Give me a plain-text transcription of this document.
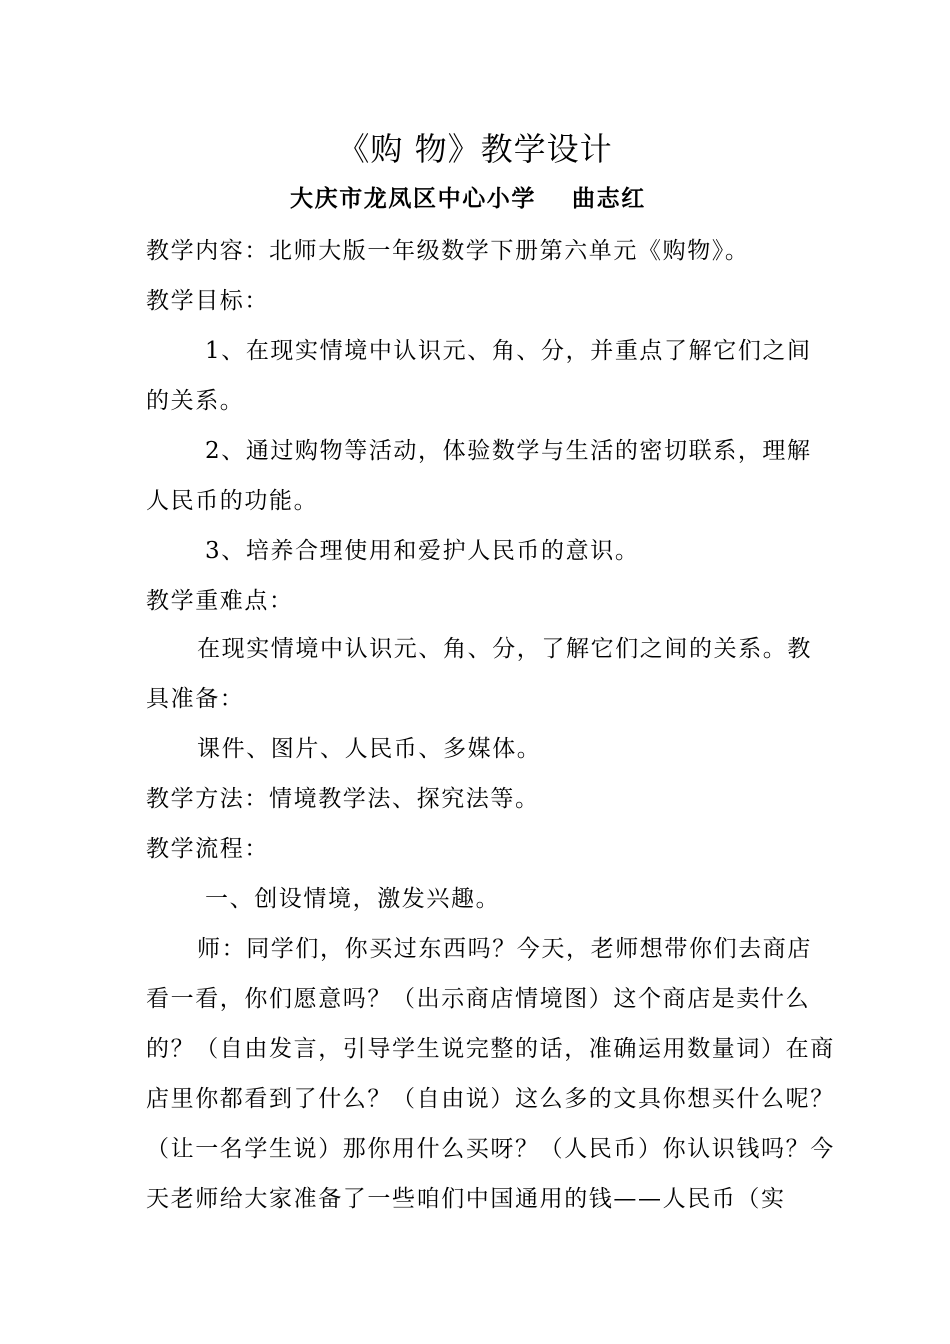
《购 物》教学设计
大庆市龙凤区中心小学 曲志红
教学内容：北师大版一年级数学下册第六单元《购物》。
教学目标：
1、在现实情境中认识元、角、分，并重点了解它们之间
的关系。
2、通过购物等活动，体验数学与生活的密切联系，理解
人民币的功能。
3、培养合理使用和爱护人民币的意识。
教学重难点：
在现实情境中认识元、角、分，了解它们之间的关系。教
具准备：
课件、图片、人民币、多媒体。
教学方法：情境教学法、探究法等。
教学流程：
一、创设情境，激发兴趣。
师：同学们，你买过东西吗？今天，老师想带你们去商店
看一看，你们愿意吗？（出示商店情境图）这个商店是卖什么
的？（自由发言，引导学生说完整的话，准确运用数量词）在商
店里你都看到了什么？（自由说）这么多的文具你想买什么呢？
（让一名学生说）那你用什么买呀？（人民币）你认识钱吗？今
天老师给大家准备了一些咱们中国通用的钱——人民币（实
